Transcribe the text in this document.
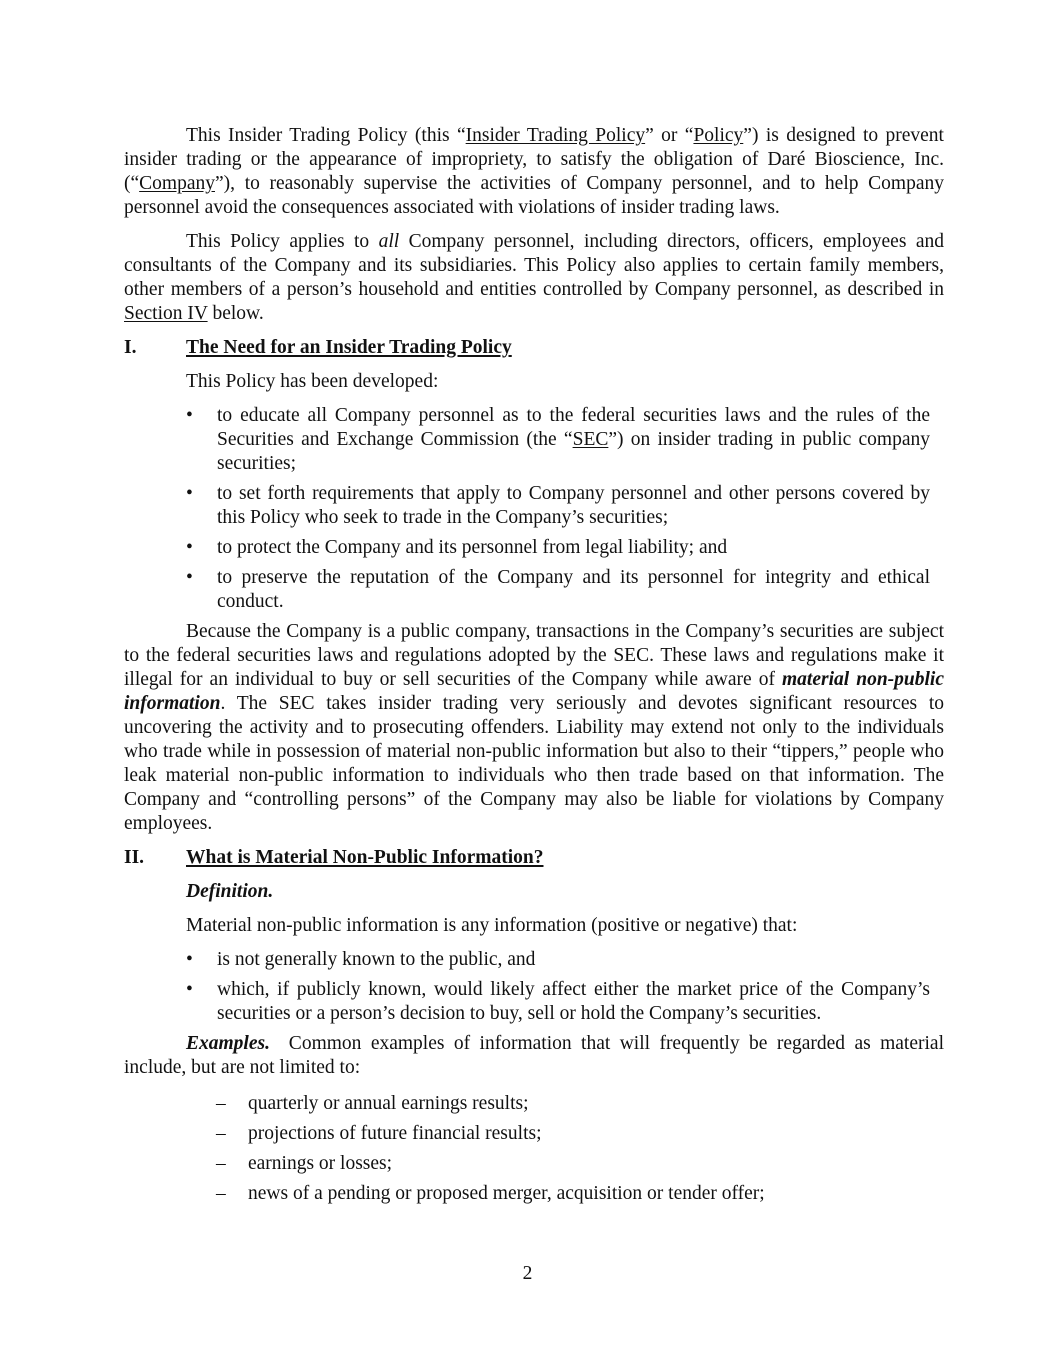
This Insider Trading Policy (this “Insider Trading Policy” or “Policy”) is designed to prevent insider trading or the appearance of impropriety, to satisfy the obligation of Daré Bioscience, Inc. (“Company”), to reasonably supervise the activities of Company personnel, and to help Company personnel avoid the consequences associated with violations of insider trading laws.

This Policy applies to all Company personnel, including directors, officers, employees and consultants of the Company and its subsidiaries. This Policy also applies to certain family members, other members of a person’s household and entities controlled by Company personnel, as described in Section IV below.

I.	The Need for an Insider Trading Policy

This Policy has been developed:

• to educate all Company personnel as to the federal securities laws and the rules of the Securities and Exchange Commission (the “SEC”) on insider trading in public company securities;
• to set forth requirements that apply to Company personnel and other persons covered by this Policy who seek to trade in the Company’s securities;
• to protect the Company and its personnel from legal liability; and
• to preserve the reputation of the Company and its personnel for integrity and ethical conduct.

Because the Company is a public company, transactions in the Company’s securities are subject to the federal securities laws and regulations adopted by the SEC. These laws and regulations make it illegal for an individual to buy or sell securities of the Company while aware of material non-public information. The SEC takes insider trading very seriously and devotes significant resources to uncovering the activity and to prosecuting offenders. Liability may extend not only to the individuals who trade while in possession of material non-public information but also to their “tippers,” people who leak material non-public information to individuals who then trade based on that information. The Company and “controlling persons” of the Company may also be liable for violations by Company employees.

II.	What is Material Non-Public Information?

Definition.

Material non-public information is any information (positive or negative) that:

• is not generally known to the public, and
• which, if publicly known, would likely affect either the market price of the Company’s securities or a person’s decision to buy, sell or hold the Company’s securities.

Examples.  Common examples of information that will frequently be regarded as material include, but are not limited to:

– quarterly or annual earnings results;
– projections of future financial results;
– earnings or losses;
– news of a pending or proposed merger, acquisition or tender offer;
2
